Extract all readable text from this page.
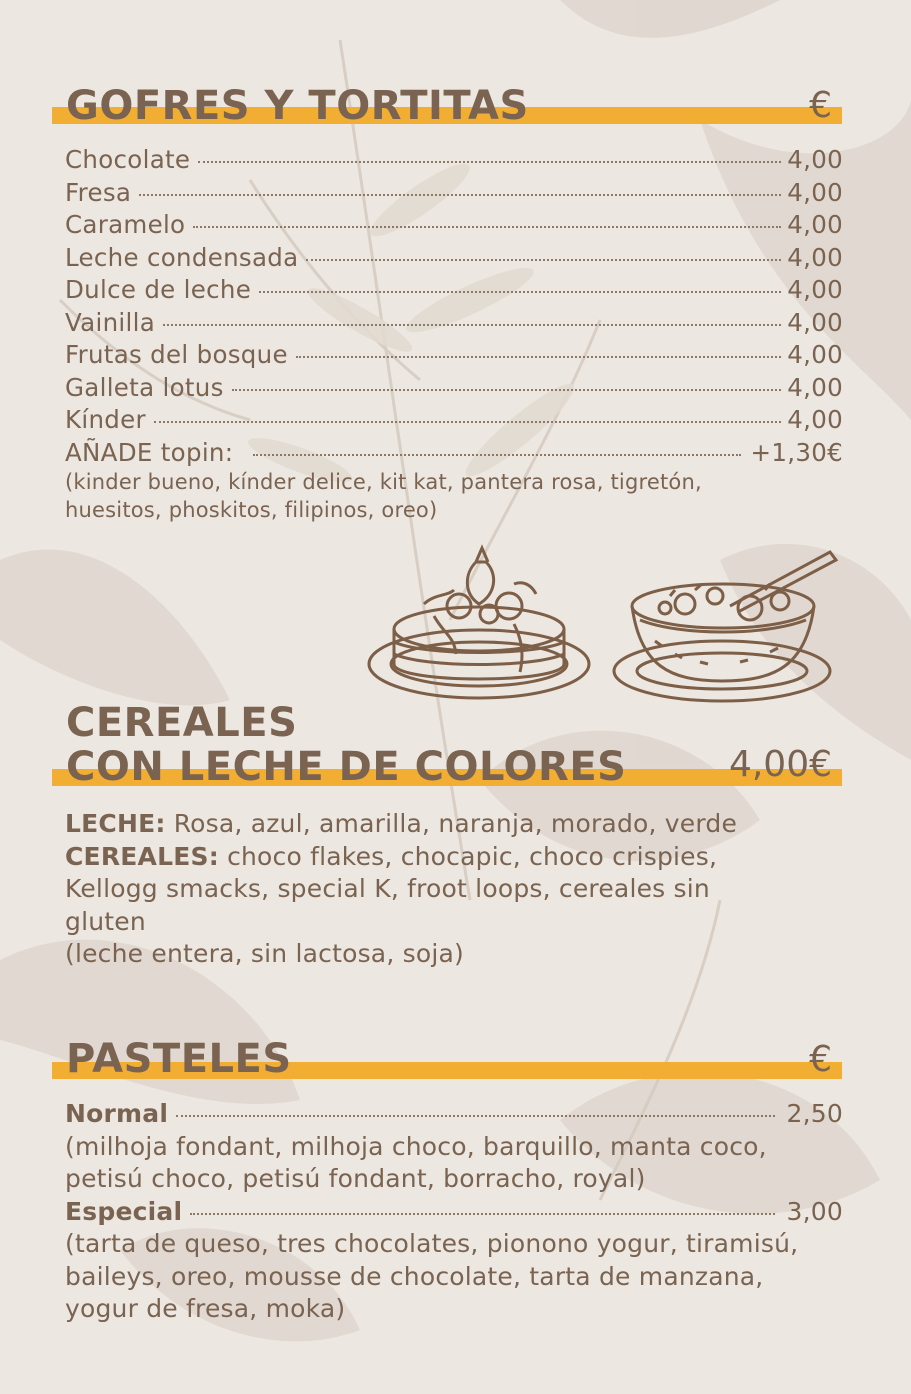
GOFRES Y TORTITAS	€
Chocolate	4,00
Fresa	4,00
Caramelo	4,00
Leche condensada	4,00
Dulce de leche	4,00
Vainilla	4,00
Frutas del bosque	4,00
Galleta lotus	4,00
Kínder	4,00
AÑADE topin:	+1,30€
(kinder bueno, kínder delice, kit kat, pantera rosa, tigretón,
huesitos, phoskitos, filipinos, oreo)
CEREALES
CON LECHE DE COLORES	4,00€
LECHE: Rosa, azul, amarilla, naranja, morado, verde
CEREALES: choco flakes, chocapic, choco crispies,
Kellogg smacks, special K, froot loops, cereales sin
gluten
(leche entera, sin lactosa, soja)
PASTELES	€
Normal	2,50
(milhoja fondant, milhoja choco, barquillo, manta coco,
petisú choco, petisú fondant, borracho, royal)
Especial	3,00
(tarta de queso, tres chocolates, pionono yogur, tiramisú,
baileys, oreo, mousse de chocolate, tarta de manzana,
yogur de fresa, moka)
